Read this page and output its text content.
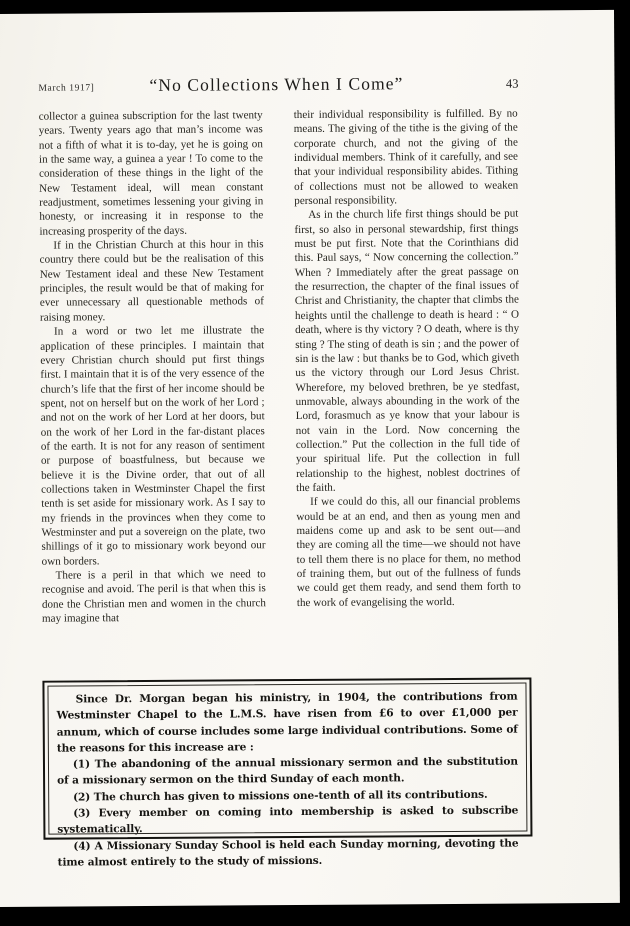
March 1917]	“No Collections When I Come”	43

collector a guinea subscription for the last twenty years. Twenty years ago that man’s income was not a fifth of what it is to-day, yet he is going on in the same way, a guinea a year ! To come to the consideration of these things in the light of the New Testament ideal, will mean constant readjustment, sometimes lessening your giving in honesty, or increasing it in response to the increasing prosperity of the days.

If in the Christian Church at this hour in this country there could but be the realisation of this New Testament ideal and these New Testament principles, the result would be that of making for ever unnecessary all questionable methods of raising money.

In a word or two let me illustrate the application of these principles. I maintain that every Christian church should put first things first. I maintain that it is of the very essence of the church’s life that the first of her income should be spent, not on herself but on the work of her Lord ; and not on the work of her Lord at her doors, but on the work of her Lord in the far-distant places of the earth. It is not for any reason of sentiment or purpose of boastfulness, but because we believe it is the Divine order, that out of all collections taken in Westminster Chapel the first tenth is set aside for missionary work. As I say to my friends in the provinces when they come to Westminster and put a sovereign on the plate, two shillings of it go to missionary work beyond our own borders.

There is a peril in that which we need to recognise and avoid. The peril is that when this is done the Christian men and women in the church may imagine that

their individual responsibility is fulfilled. By no means. The giving of the tithe is the giving of the corporate church, and not the giving of the individual members. Think of it carefully, and see that your individual responsibility abides. Tithing of collections must not be allowed to weaken personal responsibility.

As in the church life first things should be put first, so also in personal stewardship, first things must be put first. Note that the Corinthians did this. Paul says, “ Now concerning the collection.” When ? Immediately after the great passage on the resurrection, the chapter of the final issues of Christ and Christianity, the chapter that climbs the heights until the challenge to death is heard : “ O death, where is thy victory ? O death, where is thy sting ? The sting of death is sin ; and the power of sin is the law : but thanks be to God, which giveth us the victory through our Lord Jesus Christ. Wherefore, my beloved brethren, be ye stedfast, unmovable, always abounding in the work of the Lord, forasmuch as ye know that your labour is not vain in the Lord. Now concerning the collection.” Put the collection in the full tide of your spiritual life. Put the collection in full relationship to the highest, noblest doctrines of the faith.

If we could do this, all our financial problems would be at an end, and then as young men and maidens come up and ask to be sent out—and they are coming all the time—we should not have to tell them there is no place for them, no method of training them, but out of the fullness of funds we could get them ready, and send them forth to the work of evangelising the world.

Since Dr. Morgan began his ministry, in 1904, the contributions from Westminster Chapel to the L.M.S. have risen from £6 to over £1,000 per annum, which of course includes some large individual contributions. Some of the reasons for this increase are :

(1) The abandoning of the annual missionary sermon and the substitution of a missionary sermon on the third Sunday of each month.

(2) The church has given to missions one-tenth of all its contributions.

(3) Every member on coming into membership is asked to subscribe systematically.

(4) A Missionary Sunday School is held each Sunday morning, devoting the time almost entirely to the study of missions.
